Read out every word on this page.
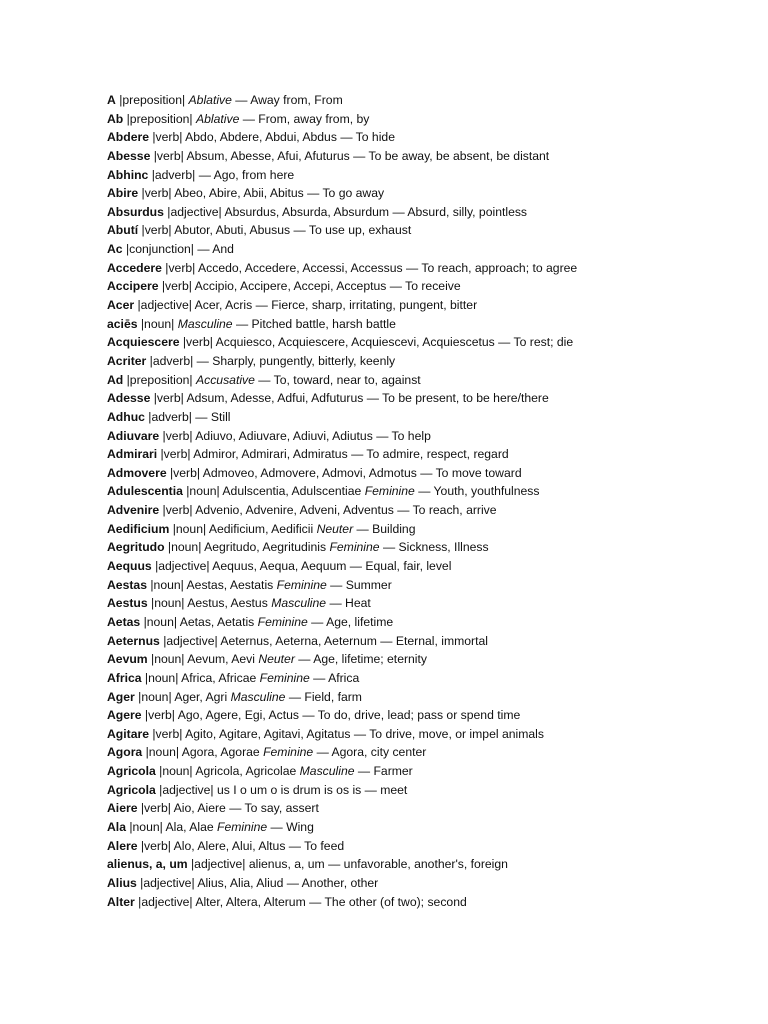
A |preposition| Ablative — Away from, From
Ab |preposition| Ablative — From, away from, by
Abdere |verb| Abdo, Abdere, Abdui, Abdus — To hide
Abesse |verb| Absum, Abesse, Afui, Afuturus — To be away, be absent, be distant
Abhinc |adverb| — Ago, from here
Abire |verb| Abeo, Abire, Abii, Abitus — To go away
Absurdus |adjective| Absurdus, Absurda, Absurdum — Absurd, silly, pointless
Abutí |verb| Abutor, Abuti, Abusus — To use up, exhaust
Ac |conjunction| — And
Accedere |verb| Accedo, Accedere, Accessi, Accessus — To reach, approach; to agree
Accipere |verb| Accipio, Accipere, Accepi, Acceptus — To receive
Acer |adjective| Acer, Acris — Fierce, sharp, irritating, pungent, bitter
aciēs |noun| Masculine — Pitched battle, harsh battle
Acquiescere |verb| Acquiesco, Acquiescere, Acquiescevi, Acquiescetus — To rest; die
Acriter |adverb| — Sharply, pungently, bitterly, keenly
Ad |preposition| Accusative — To, toward, near to, against
Adesse |verb| Adsum, Adesse, Adfui, Adfuturus — To be present, to be here/there
Adhuc |adverb| — Still
Adiuvare |verb| Adiuvo, Adiuvare, Adiuvi, Adiutus — To help
Admirari |verb| Admiror, Admirari, Admiratus — To admire, respect, regard
Admovere |verb| Admoveo, Admovere, Admovi, Admotus — To move toward
Adulescentia |noun| Adulscentia, Adulscentiae Feminine — Youth, youthfulness
Advenire |verb| Advenio, Advenire, Adveni, Adventus — To reach, arrive
Aedificium |noun| Aedificium, Aedificii Neuter — Building
Aegritudo |noun| Aegritudo, Aegritudinis Feminine — Sickness, Illness
Aequus |adjective| Aequus, Aequa, Aequum — Equal, fair, level
Aestas |noun| Aestas, Aestatis Feminine — Summer
Aestus |noun| Aestus, Aestus Masculine — Heat
Aetas |noun| Aetas, Aetatis Feminine — Age, lifetime
Aeternus |adjective| Aeternus, Aeterna, Aeternum — Eternal, immortal
Aevum |noun| Aevum, Aevi Neuter — Age, lifetime; eternity
Africa |noun| Africa, Africae Feminine — Africa
Ager |noun| Ager, Agri Masculine — Field, farm
Agere |verb| Ago, Agere, Egi, Actus — To do, drive, lead; pass or spend time
Agitare |verb| Agito, Agitare, Agitavi, Agitatus — To drive, move, or impel animals
Agora |noun| Agora, Agorae Feminine — Agora, city center
Agricola |noun| Agricola, Agricolae Masculine — Farmer
Agricola |adjective| us I o um o is drum is os is — meet
Aiere |verb| Aio, Aiere — To say, assert
Ala |noun| Ala, Alae Feminine — Wing
Alere |verb| Alo, Alere, Alui, Altus — To feed
alienus, a, um |adjective| alienus, a, um — unfavorable, another's, foreign
Alius |adjective| Alius, Alia, Aliud — Another, other
Alter |adjective| Alter, Altera, Alterum — The other (of two); second
